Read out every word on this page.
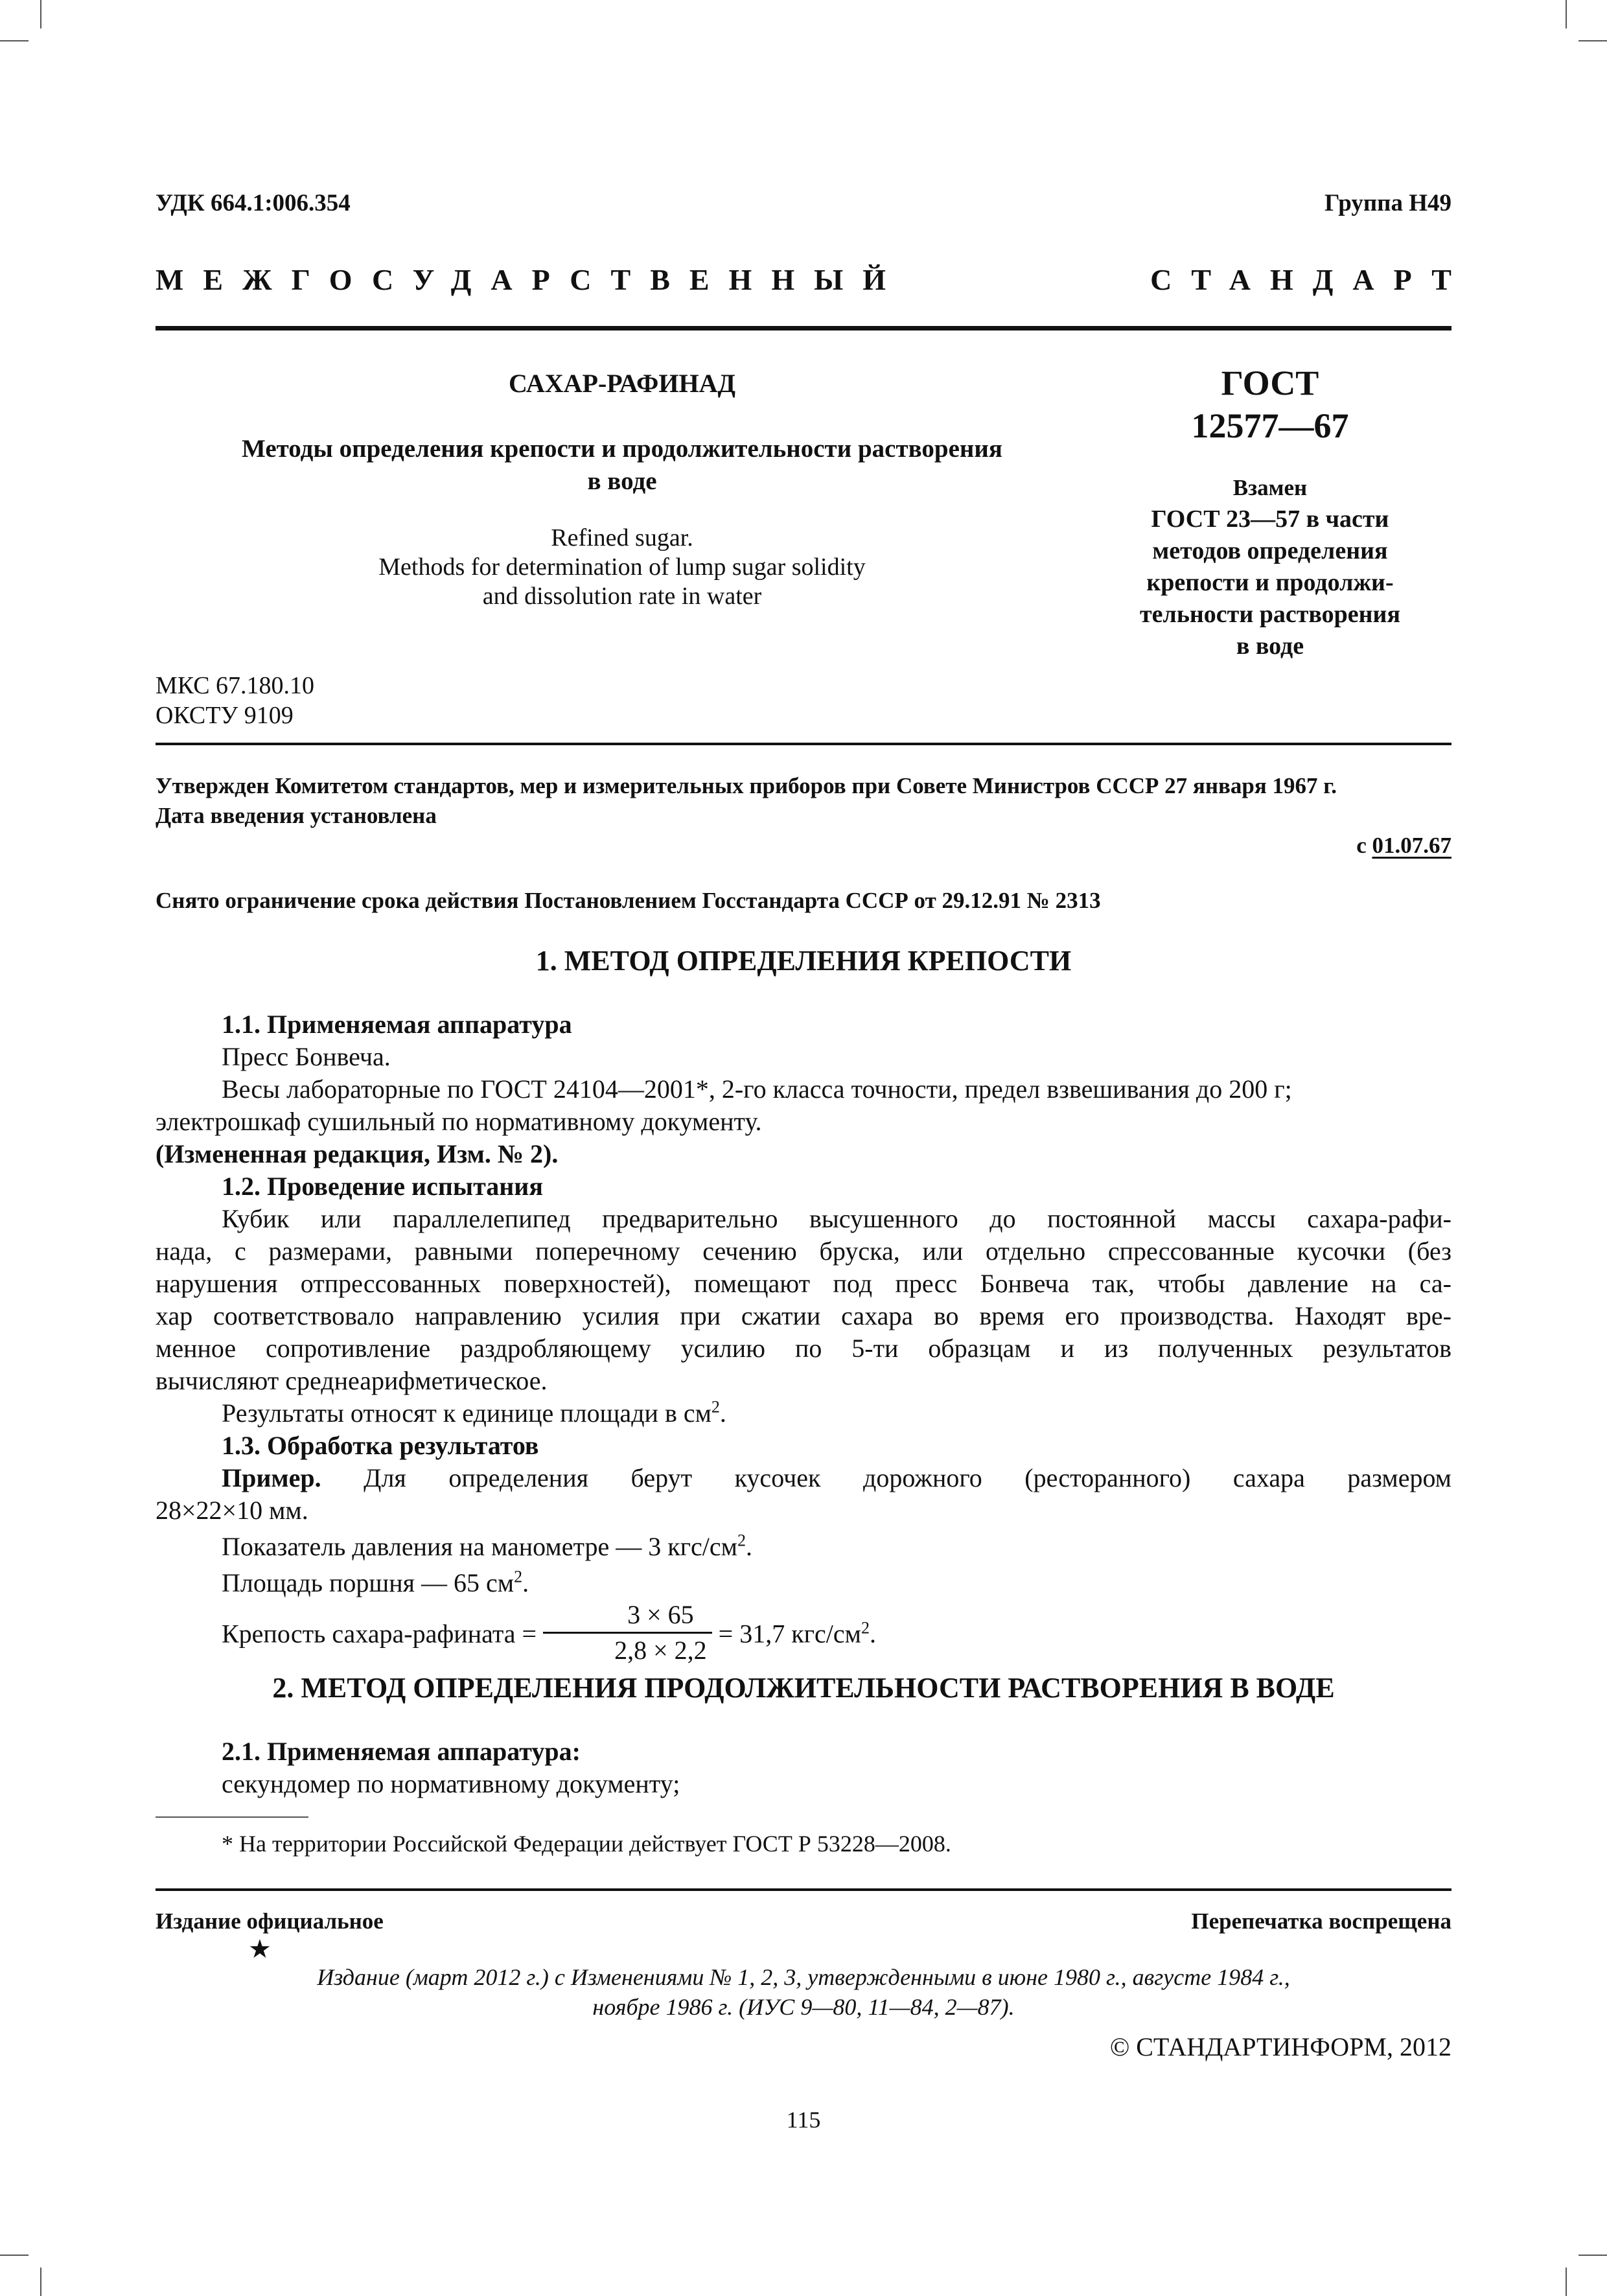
УДК 664.1:006.354	Группа Н49
МЕЖГОСУДАРСТВЕННЫЙ	СТАНДАРТ
САХАР-РАФИНАД
Методы определения крепости и продолжительности растворения
в воде
Refined sugar.
Methods for determination of lump sugar solidity
and dissolution rate in water
ГОСТ
12577—67
Взамен
ГОСТ 23—57 в части
методов определения
крепости и продолжи-
тельности растворения
в воде
МКС 67.180.10
ОКСТУ 9109
Утвержден Комитетом стандартов, мер и измерительных приборов при Совете Министров СССР 27 января 1967 г.
Дата введения установлена
с 01.07.67
Снято ограничение срока действия Постановлением Госстандарта СССР от 29.12.91 № 2313
1. МЕТОД ОПРЕДЕЛЕНИЯ КРЕПОСТИ
1.1. Применяемая аппаратура
Пресс Бонвеча.
Весы лабораторные по ГОСТ 24104—2001*, 2-го класса точности, предел взвешивания до 200 г;
электрошкаф сушильный по нормативному документу.
(Измененная редакция, Изм. № 2).
1.2. Проведение испытания
Кубик или параллелепипед предварительно высушенного до постоянной массы сахара-рафи-
нада, с размерами, равными поперечному сечению бруска, или отдельно спрессованные кусочки (без
нарушения отпрессованных поверхностей), помещают под пресс Бонвеча так, чтобы давление на са-
хар соответствовало направлению усилия при сжатии сахара во время его производства. Находят вре-
менное сопротивление раздробляющему усилию по 5-ти образцам и из полученных результатов
вычисляют среднеарифметическое.
Результаты относят к единице площади в $см^2$.
1.3. Обработка результатов
Пример. Для определения берут кусочек дорожного (ресторанного) сахара размером
28×22×10 мм.
Показатель давления на манометре — 3 кгс/$см^2$.
Площадь поршня — 65 $см^2$.
Крепость сахара-рафината = $\frac{3 \times 65}{2,8 \times 2,2} = 31,7$ кгс/$см^2$.
2. МЕТОД ОПРЕДЕЛЕНИЯ ПРОДОЛЖИТЕЛЬНОСТИ РАСТВОРЕНИЯ В ВОДЕ
2.1. Применяемая аппаратура:
секундомер по нормативному документу;
* На территории Российской Федерации действует ГОСТ Р 53228—2008.
Издание официальное	Перепечатка воспрещена
★
Издание (март 2012 г.) с Изменениями № 1, 2, 3, утвержденными в июне 1980 г., августе 1984 г.,
ноябре 1986 г. (ИУС 9—80, 11—84, 2—87).
© СТАНДАРТИНФОРМ, 2012
115
